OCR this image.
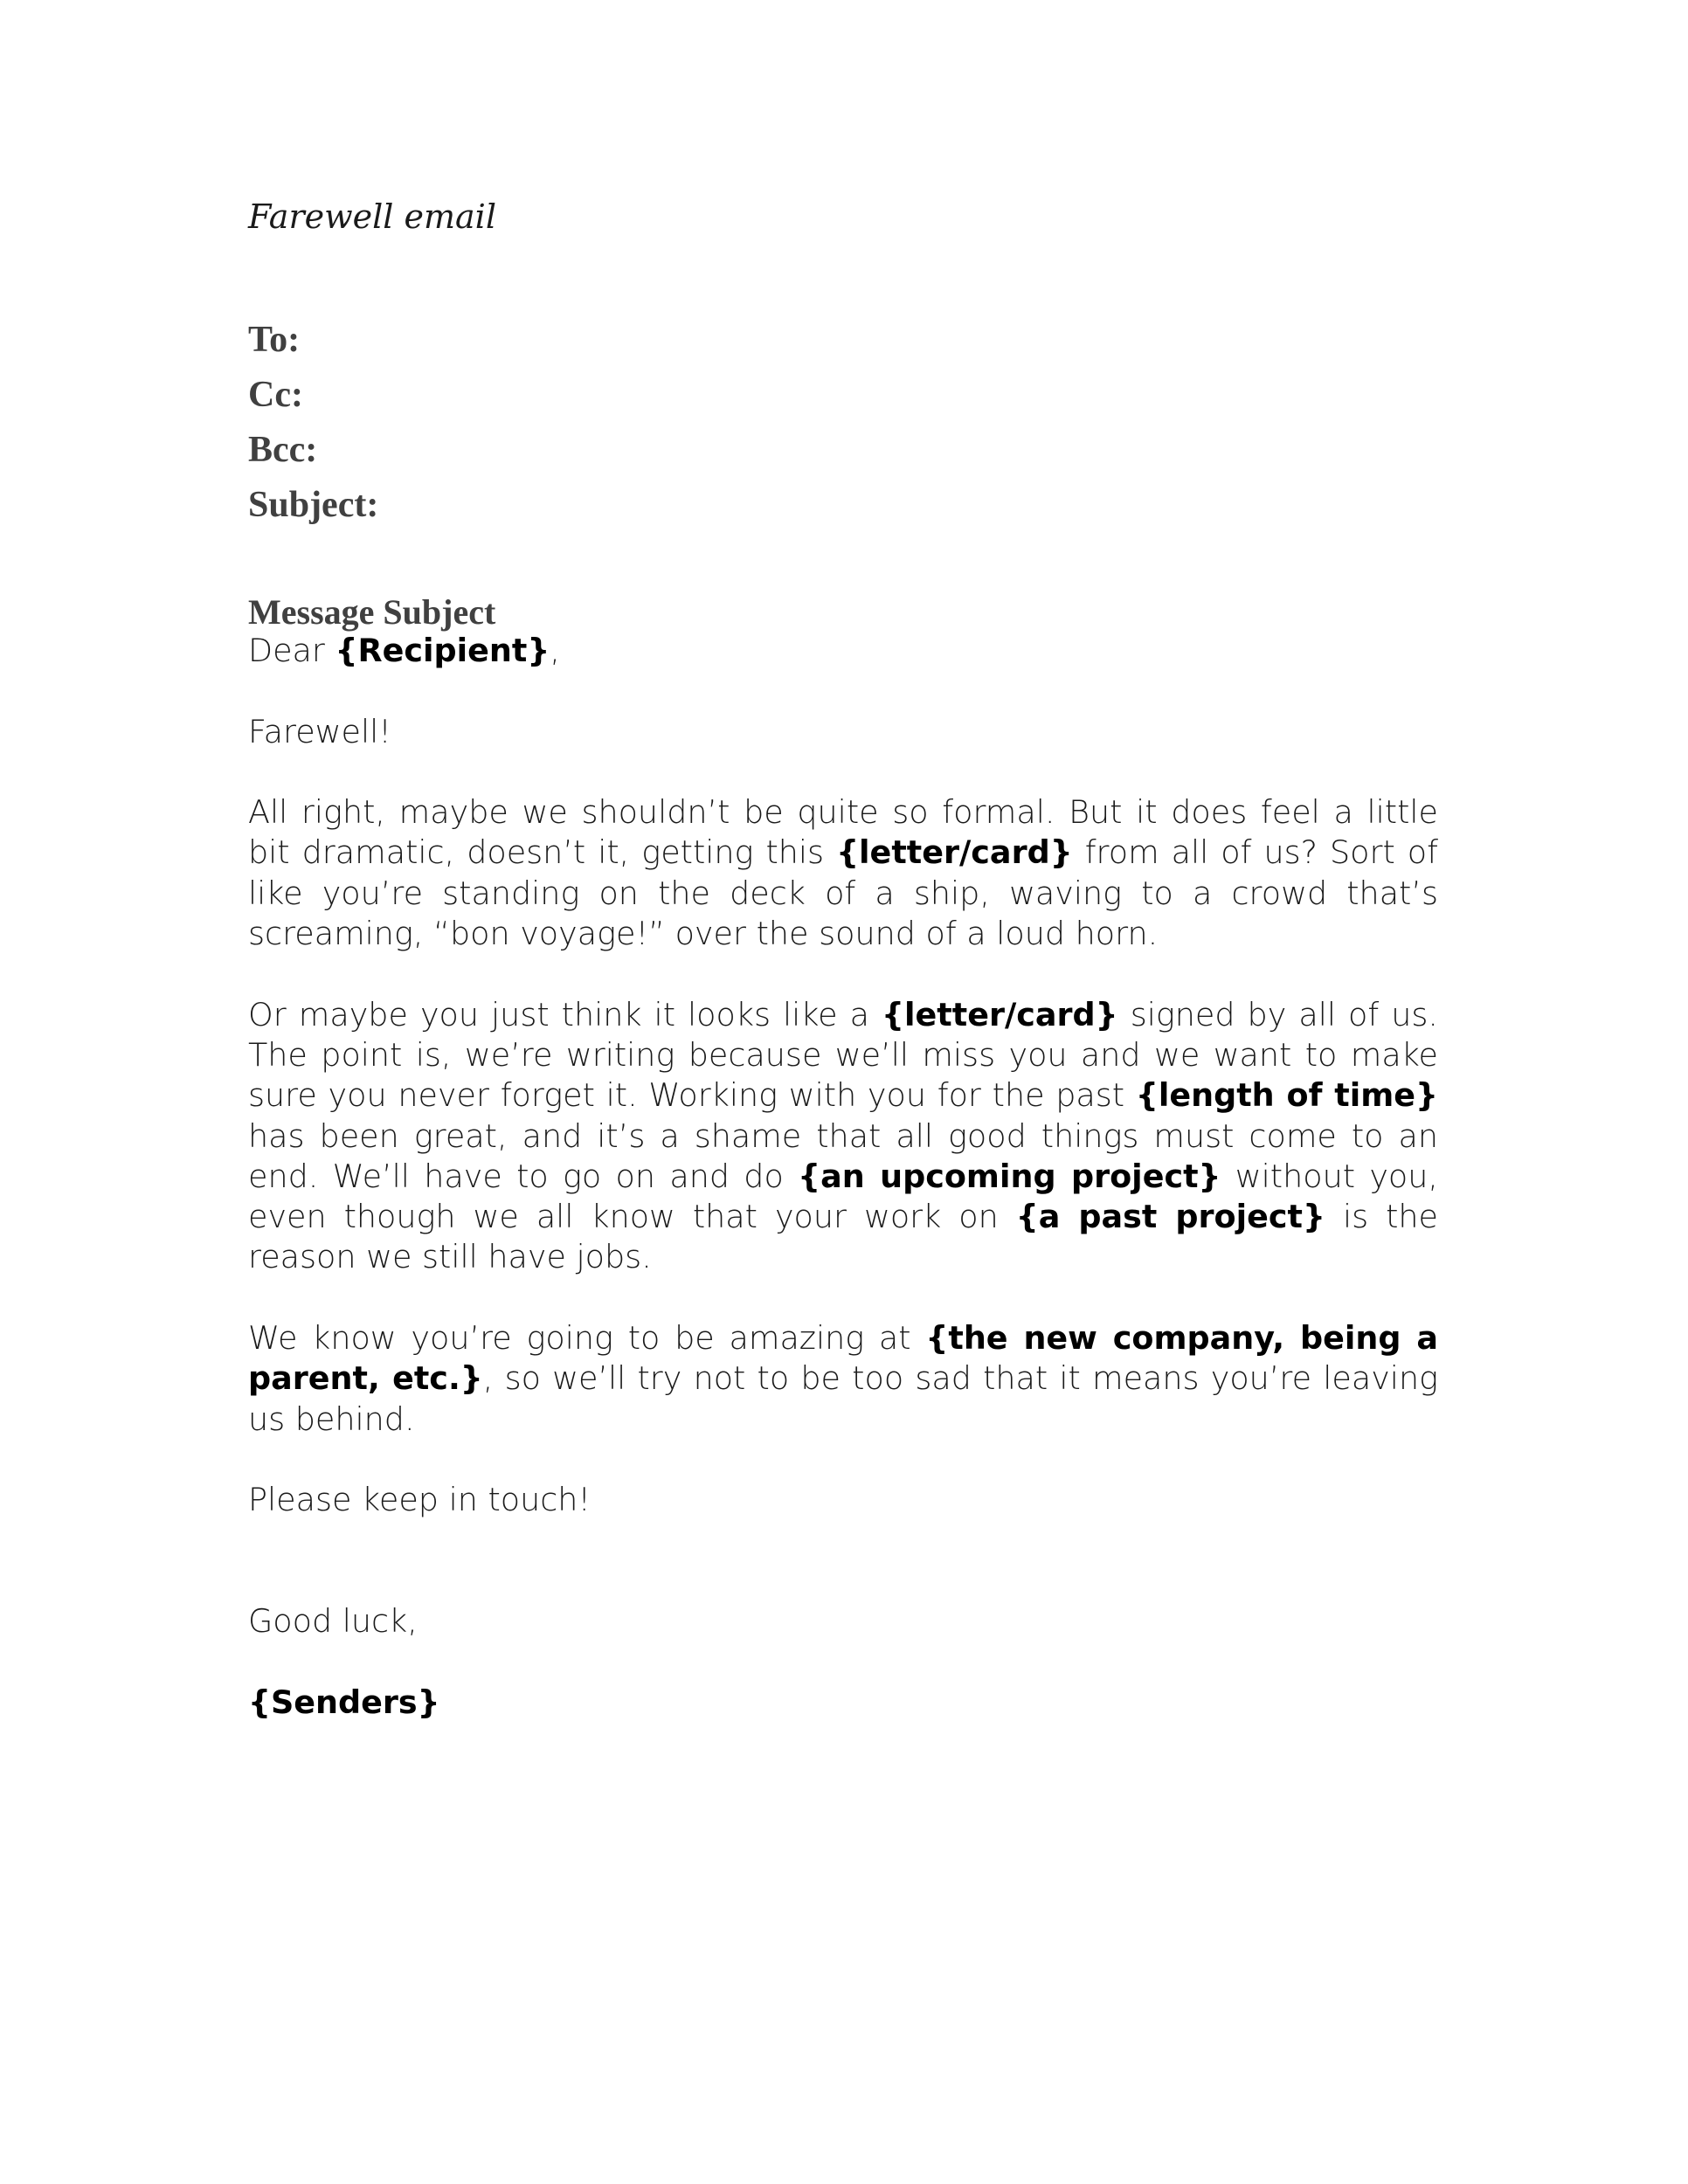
Farewell email
To:
Cc:
Bcc:
Subject:
Message Subject

Dear {Recipient},

Farewell!

All right, maybe we shouldn’t be quite so formal. But it does feel a little bit dramatic, doesn’t it, getting this {letter/card} from all of us? Sort of like you’re standing on the deck of a ship, waving to a crowd that’s screaming, “bon voyage!” over the sound of a loud horn.

Or maybe you just think it looks like a {letter/card} signed by all of us. The point is, we’re writing because we’ll miss you and we want to make sure you never forget it. Working with you for the past {length of time} has been great, and it’s a shame that all good things must come to an end. We’ll have to go on and do {an upcoming project} without you, even though we all know that your work on {a past project} is the reason we still have jobs.

We know you’re going to be amazing at {the new company, being a parent, etc.}, so we’ll try not to be too sad that it means you’re leaving us behind.

Please keep in touch!

Good luck,

{Senders}
